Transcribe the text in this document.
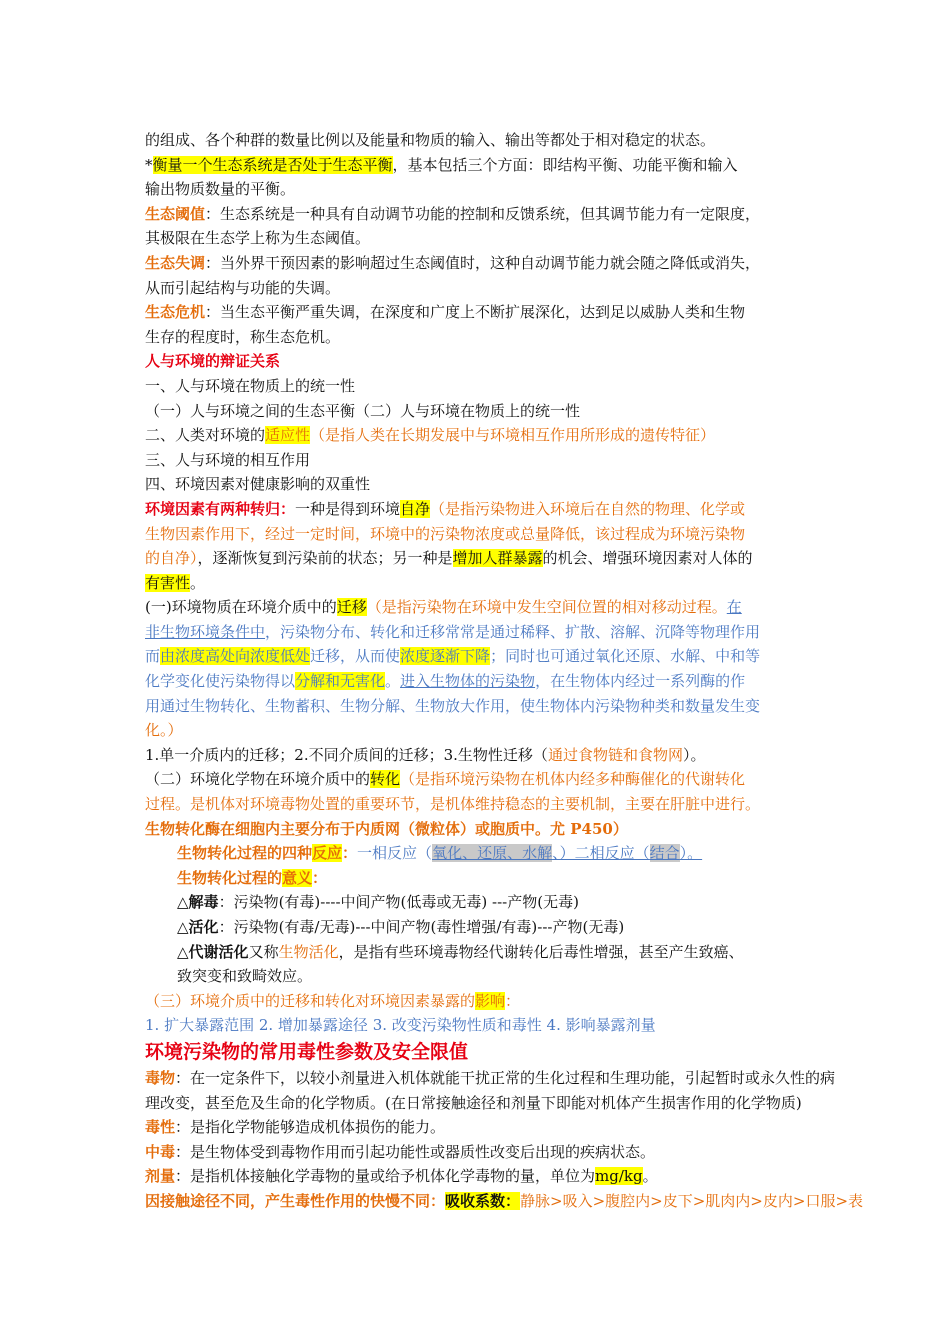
的组成、各个种群的数量比例以及能量和物质的输入、输出等都处于相对稳定的状态。

*衡量一个生态系统是否处于生态平衡，基本包括三个方面：即结构平衡、功能平衡和输入

输出物质数量的平衡。

生态阈值：生态系统是一种具有自动调节功能的控制和反馈系统，但其调节能力有一定限度，

其极限在生态学上称为生态阈值。

生态失调：当外界干预因素的影响超过生态阈值时，这种自动调节能力就会随之降低或消失，

从而引起结构与功能的失调。

生态危机：当生态平衡严重失调，在深度和广度上不断扩展深化，达到足以威胁人类和生物

生存的程度时，称生态危机。

人与环境的辩证关系

一、人与环境在物质上的统一性

（一）人与环境之间的生态平衡（二）人与环境在物质上的统一性

二、人类对环境的适应性（是指人类在长期发展中与环境相互作用所形成的遗传特征）

三、人与环境的相互作用

四、环境因素对健康影响的双重性

环境因素有两种转归：一种是得到环境自净（是指污染物进入环境后在自然的物理、化学或

生物因素作用下，经过一定时间，环境中的污染物浓度或总量降低，该过程成为环境污染物

的自净），逐渐恢复到污染前的状态；另一种是增加人群暴露的机会、增强环境因素对人体的

有害性。

(一)环境物质在环境介质中的迁移（是指污染物在环境中发生空间位置的相对移动过程。在

非生物环境条件中，污染物分布、转化和迁移常常是通过稀释、扩散、溶解、沉降等物理作用

而由浓度高处向浓度低处迁移，从而使浓度逐渐下降；同时也可通过氧化还原、水解、中和等

化学变化使污染物得以分解和无害化。进入生物体的污染物，在生物体内经过一系列酶的作

用通过生物转化、生物蓄积、生物分解、生物放大作用，使生物体内污染物种类和数量发生变

化。）

1.单一介质内的迁移；2.不同介质间的迁移；3.生物性迁移（通过食物链和食物网）。

（二）环境化学物在环境介质中的转化（是指环境污染物在机体内经多种酶催化的代谢转化

过程。是机体对环境毒物处置的重要环节，是机体维持稳态的主要机制，主要在肝脏中进行。

生物转化酶在细胞内主要分布于内质网（微粒体）或胞质中。尤 P450）

生物转化过程的四种反应：一相反应（氧化、还原、水解、）二相反应（结合）。

生物转化过程的意义：

△解毒：污染物(有毒)----中间产物(低毒或无毒) ---产物(无毒)

△活化：污染物(有毒/无毒)---中间产物(毒性增强/有毒)---产物(无毒)

△代谢活化又称生物活化，是指有些环境毒物经代谢转化后毒性增强，甚至产生致癌、

致突变和致畸效应。

（三）环境介质中的迁移和转化对环境因素暴露的影响：

1. 扩大暴露范围 2. 增加暴露途径 3. 改变污染物性质和毒性 4. 影响暴露剂量

环境污染物的常用毒性参数及安全限值

毒物：在一定条件下，以较小剂量进入机体就能干扰正常的生化过程和生理功能，引起暂时或永久性的病

理改变，甚至危及生命的化学物质。(在日常接触途径和剂量下即能对机体产生损害作用的化学物质)

毒性：是指化学物能够造成机体损伤的能力。

中毒：是生物体受到毒物作用而引起功能性或器质性改变后出现的疾病状态。

剂量：是指机体接触化学毒物的量或给予机体化学毒物的量，单位为mg/kg。

因接触途径不同，产生毒性作用的快慢不同：吸收系数：静脉>吸入>腹腔内>皮下>肌肉内>皮内>口服>表
